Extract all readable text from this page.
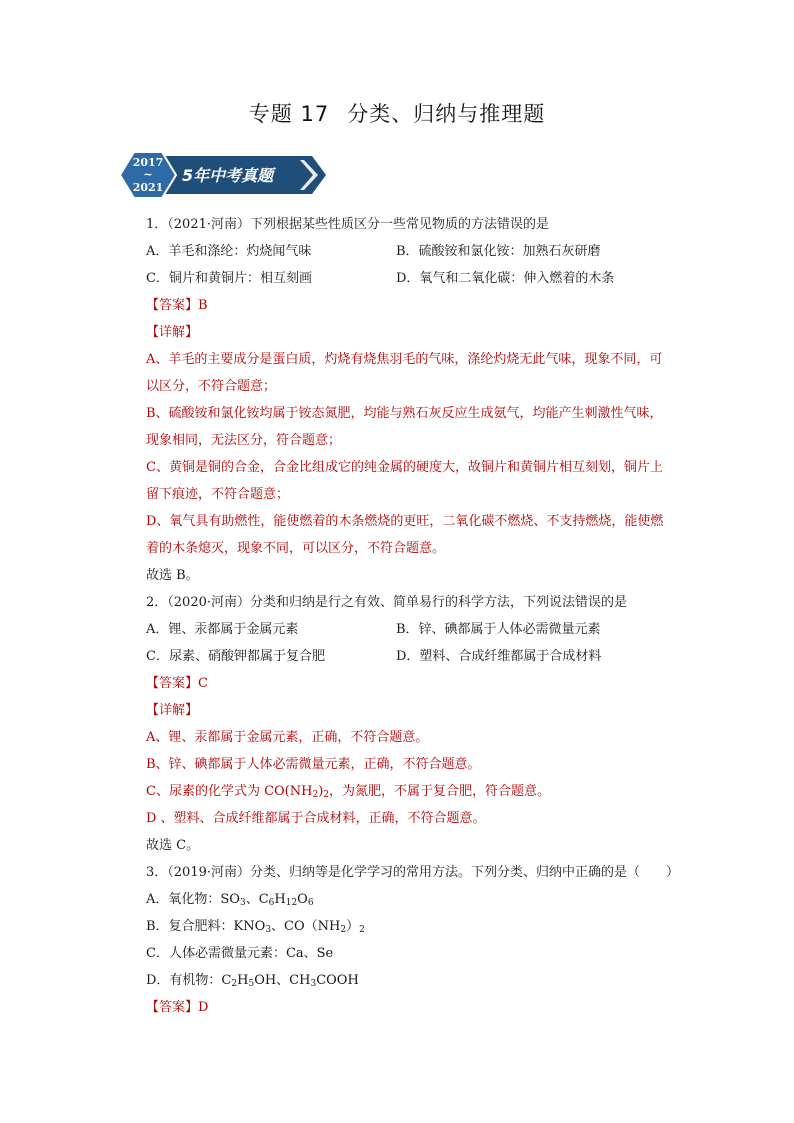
专题 17 分类、归纳与推理题
2017
~
2021
5年中考真题
1．（2021·河南）下列根据某些性质区分一些常见物质的方法错误的是
A．羊毛和涤纶：灼烧闻气味	B．硫酸铵和氯化铵：加熟石灰研磨
C．铜片和黄铜片：相互刻画	D．氧气和二氧化碳：伸入燃着的木条
【答案】B
【详解】
A、羊毛的主要成分是蛋白质，灼烧有烧焦羽毛的气味，涤纶灼烧无此气味，现象不同，可
以区分，不符合题意；
B、硫酸铵和氯化铵均属于铵态氮肥，均能与熟石灰反应生成氨气，均能产生刺激性气味，
现象相同，无法区分，符合题意；
C、黄铜是铜的合金，合金比组成它的纯金属的硬度大，故铜片和黄铜片相互刻划，铜片上
留下痕迹，不符合题意；
D、氧气具有助燃性，能使燃着的木条燃烧的更旺，二氧化碳不燃烧、不支持燃烧，能使燃
着的木条熄灭，现象不同，可以区分，不符合题意。
故选 B。
2．（2020·河南）分类和归纳是行之有效、简单易行的科学方法，下列说法错误的是
A．锂、汞都属于金属元素	B．锌、碘都属于人体必需微量元素
C．尿素、硝酸钾都属于复合肥	D．塑料、合成纤维都属于合成材料
【答案】C
【详解】
A、锂、汞都属于金属元素，正确，不符合题意。
B、锌、碘都属于人体必需微量元素，正确，不符合题意。
C、尿素的化学式为 $CO(NH_2)_2$，为氮肥，不属于复合肥，符合题意。
D 、塑料、合成纤维都属于合成材料，正确，不符合题意。
故选 C。
3．（2019·河南）分类、归纳等是化学学习的常用方法。下列分类、归纳中正确的是（　　）
A．氧化物：$SO_3$、$C_6H_{12}O_6$
B．复合肥料：$KNO_3$、$CO(NH_2)_2$
C．人体必需微量元素：Ca、Se
D．有机物：$C_2H_5OH$、$CH_3COOH$
【答案】D
